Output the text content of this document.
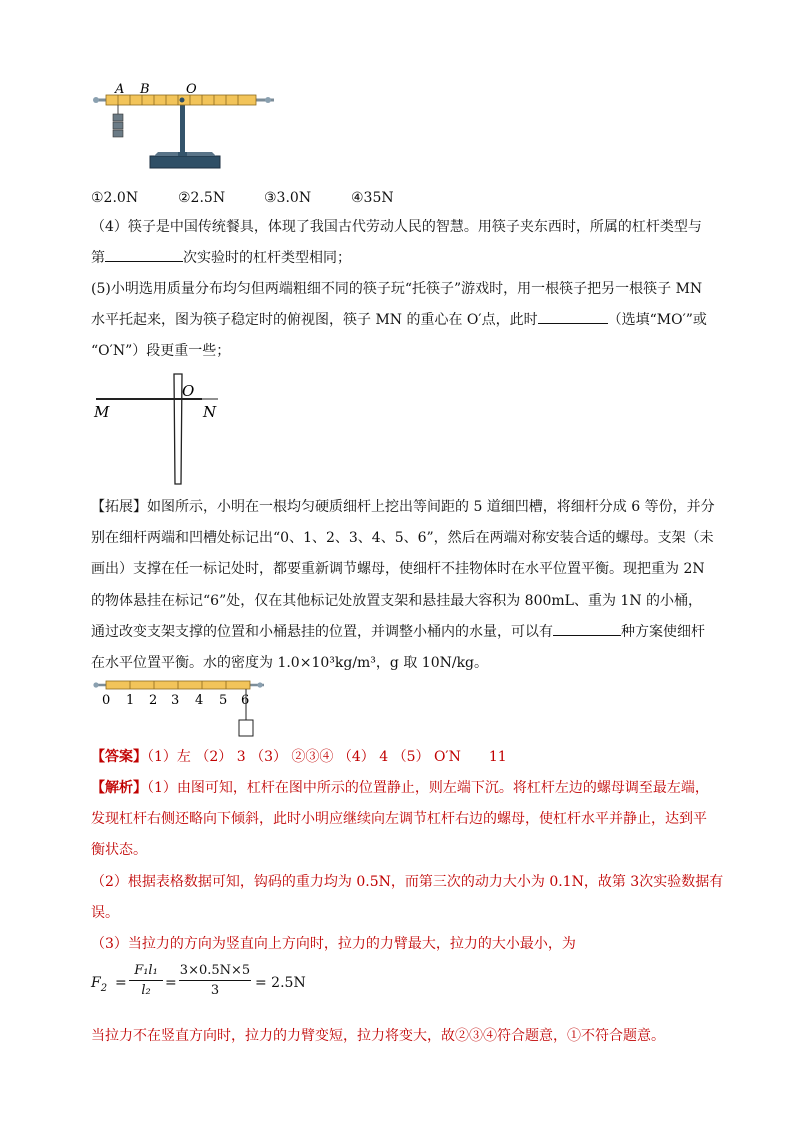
A B	O
①2.0N	②2.5N	③3.0N	④35N
（4）筷子是中国传统餐具，体现了我国古代劳动人民的智慧。用筷子夹东西时，所属的杠杆类型与
第	次实验时的杠杆类型相同；
(5)小明选用质量分布均匀但两端粗细不同的筷子玩“托筷子”游戏时，用一根筷子把另一根筷子 MN
水平托起来，图为筷子稳定时的俯视图，筷子 MN 的重心在 O′点，此时	（选填“MO′”或
“O′N”）段更重一些；
M
O
N
【拓展】如图所示，小明在一根均匀硬质细杆上挖出等间距的 5 道细凹槽，将细杆分成 6 等份，并分
别在细杆两端和凹槽处标记出“0、1、2、3、4、5、6”，然后在两端对称安装合适的螺母。支架（未
画出）支撑在任一标记处时，都要重新调节螺母，使细杆不挂物体时在水平位置平衡。现把重为 2N
的物体悬挂在标记“6”处，仅在其他标记处放置支架和悬挂最大容积为 800mL、重为 1N 的小桶，
通过改变支架支撑的位置和小桶悬挂的位置，并调整小桶内的水量，可以有	种方案使细杆
在水平位置平衡。水的密度为 1.0×10³kg/m³，g 取 10N/kg。
0 1 2 3 4 5 6
【答案】（1）左 （2） 3 （3） ②③④ （4） 4 （5） O′N　　11
【解析】（1）由图可知，杠杆在图中所示的位置静止，则左端下沉。将杠杆左边的螺母调至最左端，
发现杠杆右侧还略向下倾斜，此时小明应继续向左调节杠杆右边的螺母，使杠杆水平并静止，达到平
衡状态。
（2）根据表格数据可知，钩码的重力均为 0.5N，而第三次的动力大小为 0.1N，故第 3次实验数据有
误。
（3）当拉力的方向为竖直向上方向时，拉力的力臂最大，拉力的大小最小，为
$F_2$ =
F₁l₁
l₂	=
3×0.5N×5
3	= 2.5N
当拉力不在竖直方向时，拉力的力臂变短，拉力将变大，故②③④符合题意，①不符合题意。
